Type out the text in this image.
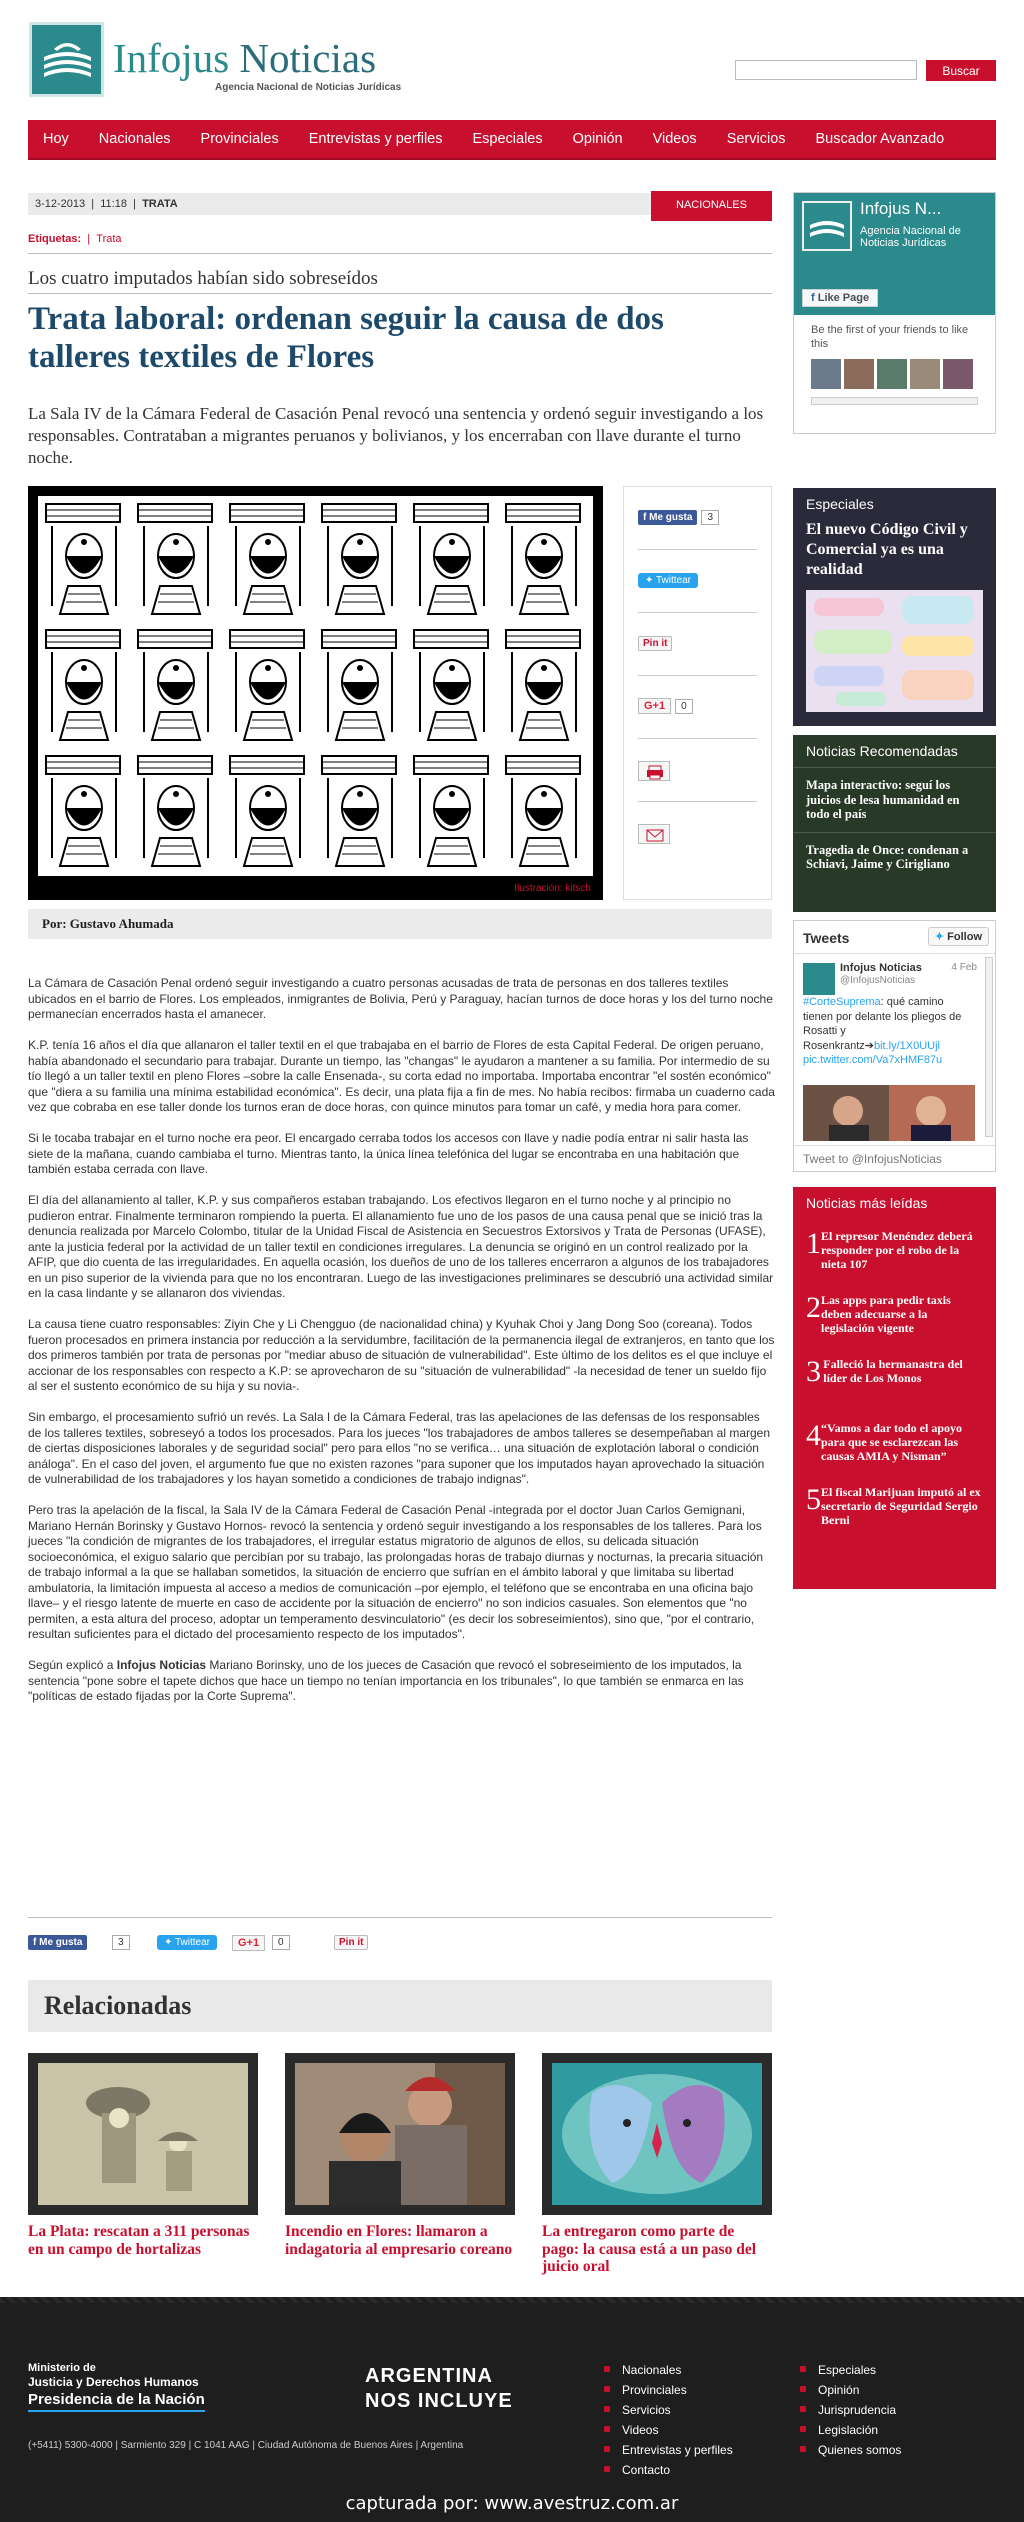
Infojus Noticias
Agencia Nacional de Noticias Jurídicas
Buscar
Hoy	Nacionales	Provinciales	Entrevistas y perfiles	Especiales	Opinión	Videos	Servicios	Buscador Avanzado
3-12-2013  |  11:18  |  TRATA	NACIONALES
Etiquetas:  |  Trata
Los cuatro imputados habían sido sobreseídos
Trata laboral: ordenan seguir la causa de dos talleres textiles de Flores
La Sala IV de la Cámara Federal de Casación Penal revocó una sentencia y ordenó seguir investigando a los responsables. Contrataban a migrantes peruanos y bolivianos, y los encerraban con llave durante el turno noche.
Ilustración: kitsch
f Me gusta 3
✦ Twittear
Pin it
G+1 0
Por: Gustavo Ahumada

La Cámara de Casación Penal ordenó seguir investigando a cuatro personas acusadas de trata de personas en dos talleres textiles ubicados en el barrio de Flores. Los empleados, inmigrantes de Bolivia, Perú y Paraguay, hacían turnos de doce horas y los del turno noche permanecían encerrados hasta el amanecer.

K.P. tenía 16 años el día que allanaron el taller textil en el que trabajaba en el barrio de Flores de esta Capital Federal. De origen peruano, había abandonado el secundario para trabajar. Durante un tiempo, las "changas" le ayudaron a mantener a su familia. Por intermedio de su tío llegó a un taller textil en pleno Flores –sobre la calle Ensenada-, su corta edad no importaba. Importaba encontrar "el sostén económico" que "diera a su familia una mínima estabilidad económica". Es decir, una plata fija a fin de mes. No había recibos: firmaba un cuaderno cada vez que cobraba en ese taller donde los turnos eran de doce horas, con quince minutos para tomar un café, y media hora para comer.

Si le tocaba trabajar en el turno noche era peor. El encargado cerraba todos los accesos con llave y nadie podía entrar ni salir hasta las siete de la mañana, cuando cambiaba el turno. Mientras tanto, la única línea telefónica del lugar se encontraba en una habitación que también estaba cerrada con llave.

El día del allanamiento al taller, K.P. y sus compañeros estaban trabajando. Los efectivos llegaron en el turno noche y al principio no pudieron entrar. Finalmente terminaron rompiendo la puerta. El allanamiento fue uno de los pasos de una causa penal que se inició tras la denuncia realizada por Marcelo Colombo, titular de la Unidad Fiscal de Asistencia en Secuestros Extorsivos y Trata de Personas (UFASE), ante la justicia federal por la actividad de un taller textil en condiciones irregulares. La denuncia se originó en un control realizado por la AFIP, que dio cuenta de las irregularidades. En aquella ocasión, los dueños de uno de los talleres encerraron a algunos de los trabajadores en un piso superior de la vivienda para que no los encontraran. Luego de las investigaciones preliminares se descubrió una actividad similar en la casa lindante y se allanaron dos viviendas.

La causa tiene cuatro responsables: Ziyin Che y Li Chengguo (de nacionalidad china) y Kyuhak Choi y Jang Dong Soo (coreana). Todos fueron procesados en primera instancia por reducción a la servidumbre, facilitación de la permanencia ilegal de extranjeros, en tanto que los dos primeros también por trata de personas por "mediar abuso de situación de vulnerabilidad". Este último de los delitos es el que incluye el accionar de los responsables con respecto a K.P: se aprovecharon de su "situación de vulnerabilidad" -la necesidad de tener un sueldo fijo al ser el sustento económico de su hija y su novia-.

Sin embargo, el procesamiento sufrió un revés. La Sala I de la Cámara Federal, tras las apelaciones de las defensas de los responsables de los talleres textiles, sobreseyó a todos los procesados. Para los jueces "los trabajadores de ambos talleres se desempeñaban al margen de ciertas disposiciones laborales y de seguridad social" pero para ellos "no se verifica… una situación de explotación laboral o condición análoga". En el caso del joven, el argumento fue que no existen razones "para suponer que los imputados hayan aprovechado la situación de vulnerabilidad de los trabajadores y los hayan sometido a condiciones de trabajo indignas".

Pero tras la apelación de la fiscal, la Sala IV de la Cámara Federal de Casación Penal -integrada por el doctor Juan Carlos Gemignani, Mariano Hernán Borinsky y Gustavo Hornos- revocó la sentencia y ordenó seguir investigando a los responsables de los talleres. Para los jueces "la condición de migrantes de los trabajadores, el irregular estatus migratorio de algunos de ellos, su delicada situación socioeconómica, el exiguo salario que percibían por su trabajo, las prolongadas horas de trabajo diurnas y nocturnas, la precaria situación de trabajo informal a la que se hallaban sometidos, la situación de encierro que sufrían en el ámbito laboral y que limitaba su libertad ambulatoria, la limitación impuesta al acceso a medios de comunicación –por ejemplo, el teléfono que se encontraba en una oficina bajo llave– y el riesgo latente de muerte en caso de accidente por la situación de encierro" no son indicios casuales. Son elementos que "no permiten, a esta altura del proceso, adoptar un temperamento desvinculatorio" (es decir los sobreseimientos), sino que, "por el contrario, resultan suficientes para el dictado del procesamiento respecto de los imputados".

Según explicó a Infojus Noticias Mariano Borinsky, uno de los jueces de Casación que revocó el sobreseimiento de los imputados, la sentencia "pone sobre el tapete dichos que hace un tiempo no tenían importancia en los tribunales", lo que también se enmarca en las "políticas de estado fijadas por la Corte Suprema".

f Me gusta	3	✦ Twittear	G+1	0	Pin it
Relacionadas
La Plata: rescatan a 311 personas en un campo de hortalizas
Incendio en Flores: llamaron a indagatoria al empresario coreano
La entregaron como parte de pago: la causa está a un paso del juicio oral
Infojus N...
Agencia Nacional de Noticias Jurídicas
f Like Page
Be the first of your friends to like this
Especiales
El nuevo Código Civil y Comercial ya es una realidad
Noticias Recomendadas
Mapa interactivo: seguí los juicios de lesa humanidad en todo el país
Tragedia de Once: condenan a Schiavi, Jaime y Cirigliano
Tweets	✦ Follow
Infojus Noticias
@InfojusNoticias
4 Feb
#CorteSuprema: qué camino tienen por delante los pliegos de Rosatti y Rosenkrantz➔bit.ly/1X0UUjl pic.twitter.com/Va7xHMF87u
Tweet to @InfojusNoticias
Noticias más leídas
1 El represor Menéndez deberá responder por el robo de la nieta 107
2 Las apps para pedir taxis deben adecuarse a la legislación vigente
3 Falleció la hermanastra del líder de Los Monos
4 “Vamos a dar todo el apoyo para que se esclarezcan las causas AMIA y Nisman”
5 El fiscal Marijuan imputó al ex secretario de Seguridad Sergio Berni
Ministerio de
Justicia y Derechos Humanos
Presidencia de la Nación
ARGENTINA
NOS INCLUYE
(+5411) 5300-4000 | Sarmiento 329 | C 1041 AAG | Ciudad Autónoma de Buenos Aires | Argentina
Nacionales
Provinciales
Servicios
Videos
Entrevistas y perfiles
Contacto
Especiales
Opinión
Jurisprudencia
Legislación
Quienes somos
capturada por: www.avestruz.com.ar
